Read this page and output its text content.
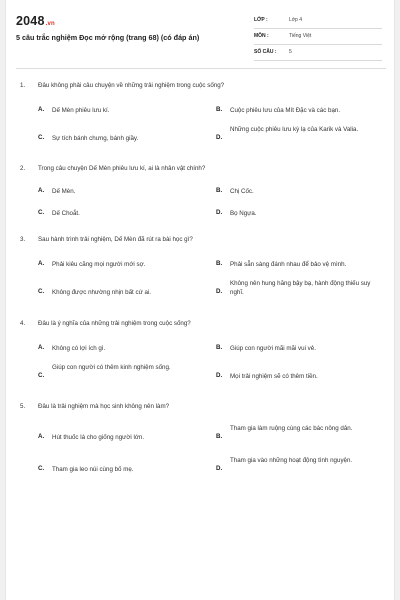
2048.vn
5 câu trắc nghiệm Đọc mở rộng (trang 68) (có đáp án)
LỚP :	Lớp 4
MÔN :	Tiếng Việt
SỐ CÂU :	5
1. Đâu không phải câu chuyện về những trải nghiệm trong cuộc sống?
A. Dế Mèn phiêu lưu kí.	B. Cuộc phiêu lưu của Mít Đặc và các bạn.
C. Sự tích bánh chưng, bánh giầy.	D.
Những cuộc phiêu lưu kỳ lạ của Karik và Valia.
2. Trong câu chuyện Dế Mèn phiêu lưu kí, ai là nhân vật chính?
A. Dế Mèn.	B. Chị Cốc.
C. Dế Choắt.	D. Bọ Ngựa.
3. Sau hành trình trải nghiệm, Dế Mèn đã rút ra bài học gì?
A. Phải kiêu căng mọi người mới sợ.	B. Phải sẵn sàng đánh nhau để bảo vệ mình.
C. Không được nhường nhịn bất cứ ai.	D.
Không nên hung hăng bậy bạ, hành động thiếu suy nghĩ.
4. Đâu là ý nghĩa của những trải nghiệm trong cuộc sống?
A. Không có lợi ích gì.	B. Giúp con người mãi mãi vui vẻ.
C.
Giúp con người có thêm kinh nghiệm sống.
D. Mọi trải nghiệm sẽ có thêm tiền.
5. Đâu là trải nghiệm mà học sinh không nên làm?
A. Hút thuốc lá cho giống người lớn.	B.
Tham gia làm ruộng cùng các bác nông dân.
C. Tham gia leo núi cùng bố mẹ.	D.
Tham gia vào những hoạt động tình nguyện.
